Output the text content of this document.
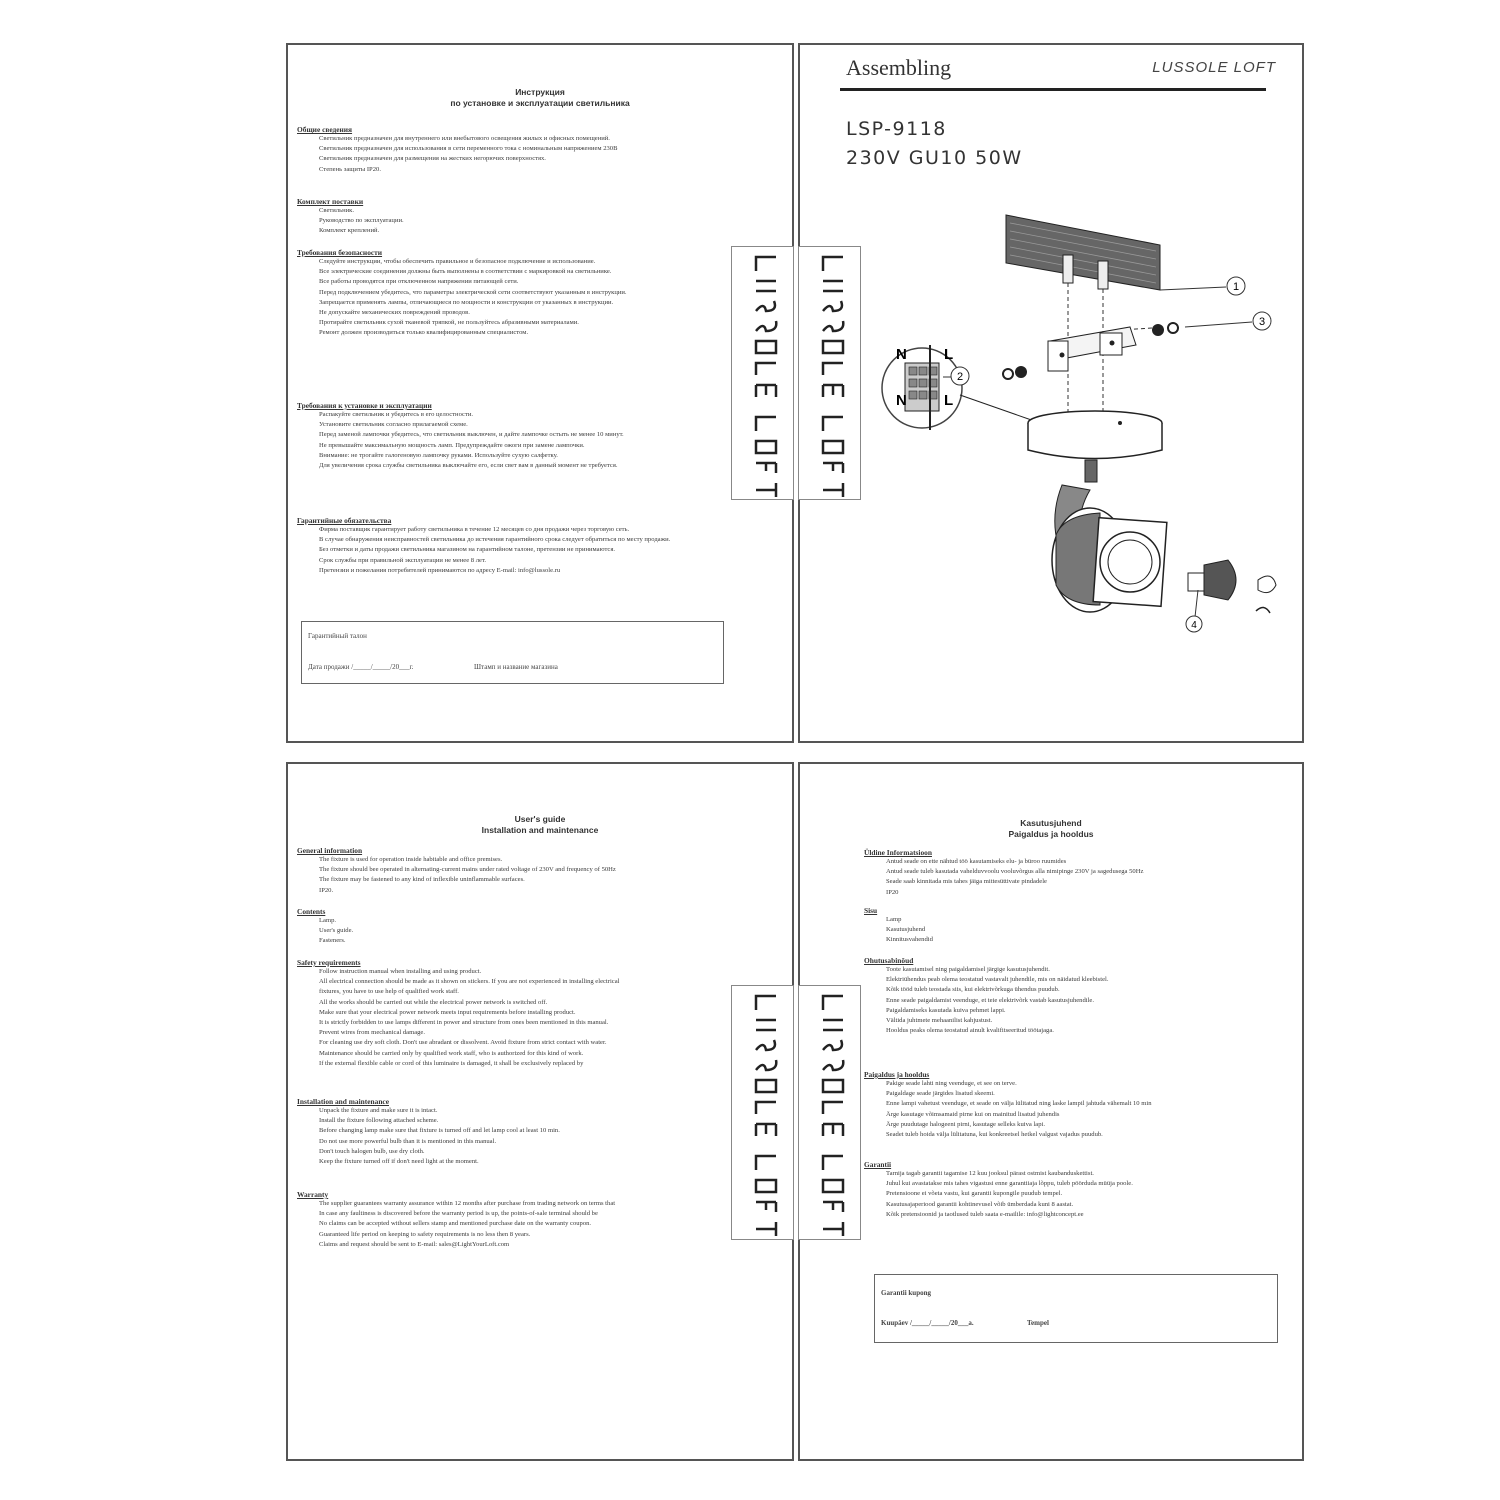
Инструкция
по установке и эксплуатации светильника
Общие сведения
• Светильник предназначен для внутреннего или внебытового освещения жилых и офисных помещений.
• Светильник предназначен для использования в сети переменного тока с номинальным напряжением 230В
• Светильник предназначен для размещения на жестких негорючих поверхностях.
• Степень защиты IP20.
Комплект поставки
• Светильник.
• Руководство по эксплуатации.
• Комплект креплений.
Требования безопасности
• Следуйте инструкции, чтобы обеспечить правильное и безопасное подключение и использование.
• Все электрические соединения должны быть выполнены в соответствии с маркировкой на светильнике.
• Все работы проводятся при отключенном напряжении питающей сети.
• Перед подключением убедитесь, что параметры электрической сети соответствуют указанным в инструкции.
• Запрещается применять лампы, отличающиеся по мощности и конструкции от указанных в инструкции.
• Не допускайте механических повреждений проводов.
• Протирайте светильник сухой тканевой тряпкой, не пользуйтесь абразивными материалами.
• Ремонт должен производиться только квалифицированным специалистом.
Требования к установке и эксплуатации
• Распакуйте светильник и убедитесь в его целостности.
• Установите светильник согласно прилагаемой схеме.
• Перед заменой лампочки убедитесь, что светильник выключен, и дайте лампочке остыть не менее 10 минут.
• Не превышайте максимальную мощность ламп. Предупреждайте ожоги при замене лампочки.
• Внимание: не трогайте галогеновую лампочку руками. Используйте сухую салфетку.
• Для увеличения срока службы светильника выключайте его, если свет вам в данный момент не требуется.
Гарантийные обязательства
• Фирма поставщик гарантирует работу светильника в течение 12 месяцев со дня продажи через торговую сеть.
• В случае обнаружения неисправностей светильника до истечения гарантийного срока следует обратиться по месту продажи.
• Без отметки и даты продажи светильника магазином на гарантийном талоне, претензии не принимаются.
• Срок службы при правильной эксплуатации не менее 8 лет.
• Претензии и пожелания потребителей принимаются по адресу E-mail: info@lussole.ru
Гарантийный талон
Дата продажи /_____/_____/20___г.	Штамп и название магазина
Assembling	LUSSOLE LOFT
LSP-9118
230V GU10 50W
N L
N L
1
3
2
4
User's guide
Installation and maintenance
General information
• The fixture is used for operation inside habitable and office premises.
• The fixture should bee operated in alternating-current mains under rated voltage of 230V and frequency of 50Hz
• The fixture may be fastened to any kind of inflexible uninflammable surfaces.
• IP20.
Contents
• Lamp.
• User's guide.
• Fasteners.
Safety requirements
• Follow instruction manual when installing and using product.
• All electrical connection should be made as it shown on stickers. If you are not experienced in installing electrical
• fixtures, you have to use help of qualified work staff.
• All the works should be carried out while the electrical power network is switched off.
• Make sure that your electrical power network meets input requirements before installing product.
• It is strictly forbidden to use lamps different in power and structure from ones been mentioned in this manual.
• Prevent wires from mechanical damage.
• For cleaning use dry soft cloth. Don't use abradant or dissolvent. Avoid fixture from strict contact with water.
• Maintenance should be carried only by qualified work staff, who is authorized for this kind of work.
• If the external flexible cable or cord of this luminaire is damaged, it shall be exclusively replaced by
Installation and maintenance
• Unpack the fixture and make sure it is intact.
• Install the fixture following attached scheme.
• Before changing lamp make sure that fixture is turned off and let lamp cool at least 10 min.
• Do not use more powerful bulb than it is mentioned in this manual.
• Don't touch halogen bulb, use dry cloth.
• Keep the fixture turned off if don't need light at the moment.
Warranty
• The supplier guarantees warranty assurance within 12 months after purchase from trading network on terms that
• In case any faultiness is discovered before the warranty period is up, the points-of-sale terminal should be
• No claims can be accepted without sellers stamp and mentioned purchase date on the warranty coupon.
• Guaranteed life period on keeping to safety requirements is no less then 8 years.
• Claims and request should be sent to E-mail: sales@LightYourLoft.com
Kasutusjuhend
Paigaldus ja hooldus
Üldine Informatsioon
• Antud seade on ette nähtud töö kasutamiseks elu- ja büroo ruumides
• Antud seade tuleb kasutada vahelduvvoolu vooluvõrgus alla nimipinge 230V ja sagedusega 50Hz
• Seade saab kinnitada mis tahes jäiga mittesüttivate pindadele
• IP20
Sisu
• Lamp
• Kasutusjuhend
• Kinnitusvahendid
Ohutusabinõud
• Toote kasutamisel ning paigaldamisel järgige kasutusjuhendit.
• Elektriühendus peab olema teostatud vastavalt juhendile, mis on näidatud kleebistel.
• Kõik tööd tuleb teostada siis, kui elektrivõrkuga ühendus puudub.
• Enne seade paigaldamist veenduge, et teie elektrivõrk vastab kasutusjuhendile.
• Paigaldamiseks kasutada kuiva pehmet lappi.
• Vältida juhtmete mehaanilist kahjustust.
• Hooldus peaks olema teostatud ainult kvalifitseeritud töötajaga.
Paigaldus ja hooldus
• Pakige seade lahti ning veenduge, et see on terve.
• Paigaldage seade järgides lisatud skeemi.
• Enne lampi vahetust veenduge, et seade on välja lülitatud ning laske lampil jahtuda vähemalt 10 min
• Ärge kasutage võimsamaid pirne kui on mainitud lisatud juhendis
• Ärge puudutage halogeeni pirni, kasutage selleks kuiva lapi.
• Seadet tuleb hoida välja lülitatuna, kui konkreetsel hetkel valgust vajadus puudub.
Garantii
• Tarnija tagab garantii tagamise 12 kuu jooksul pärast ostmist kaubanduskettist.
• Juhul kui avastatakse mis tahes vigastusi enne garantiiaja lõppu, tuleb pöörduda müüja poole.
• Pretensioone ei võeta vastu, kui garantii kupongile puudub tempel.
• Kasutusajaperiood garantii kohtinevusel võib ümberdada kuni 8 aastat.
• Kõik pretensioonid ja taotlused tuleb saata e-mailile: info@lightconcept.ee
Garantii kupong
Kuupäev /_____/_____/20___a.	Tempel
